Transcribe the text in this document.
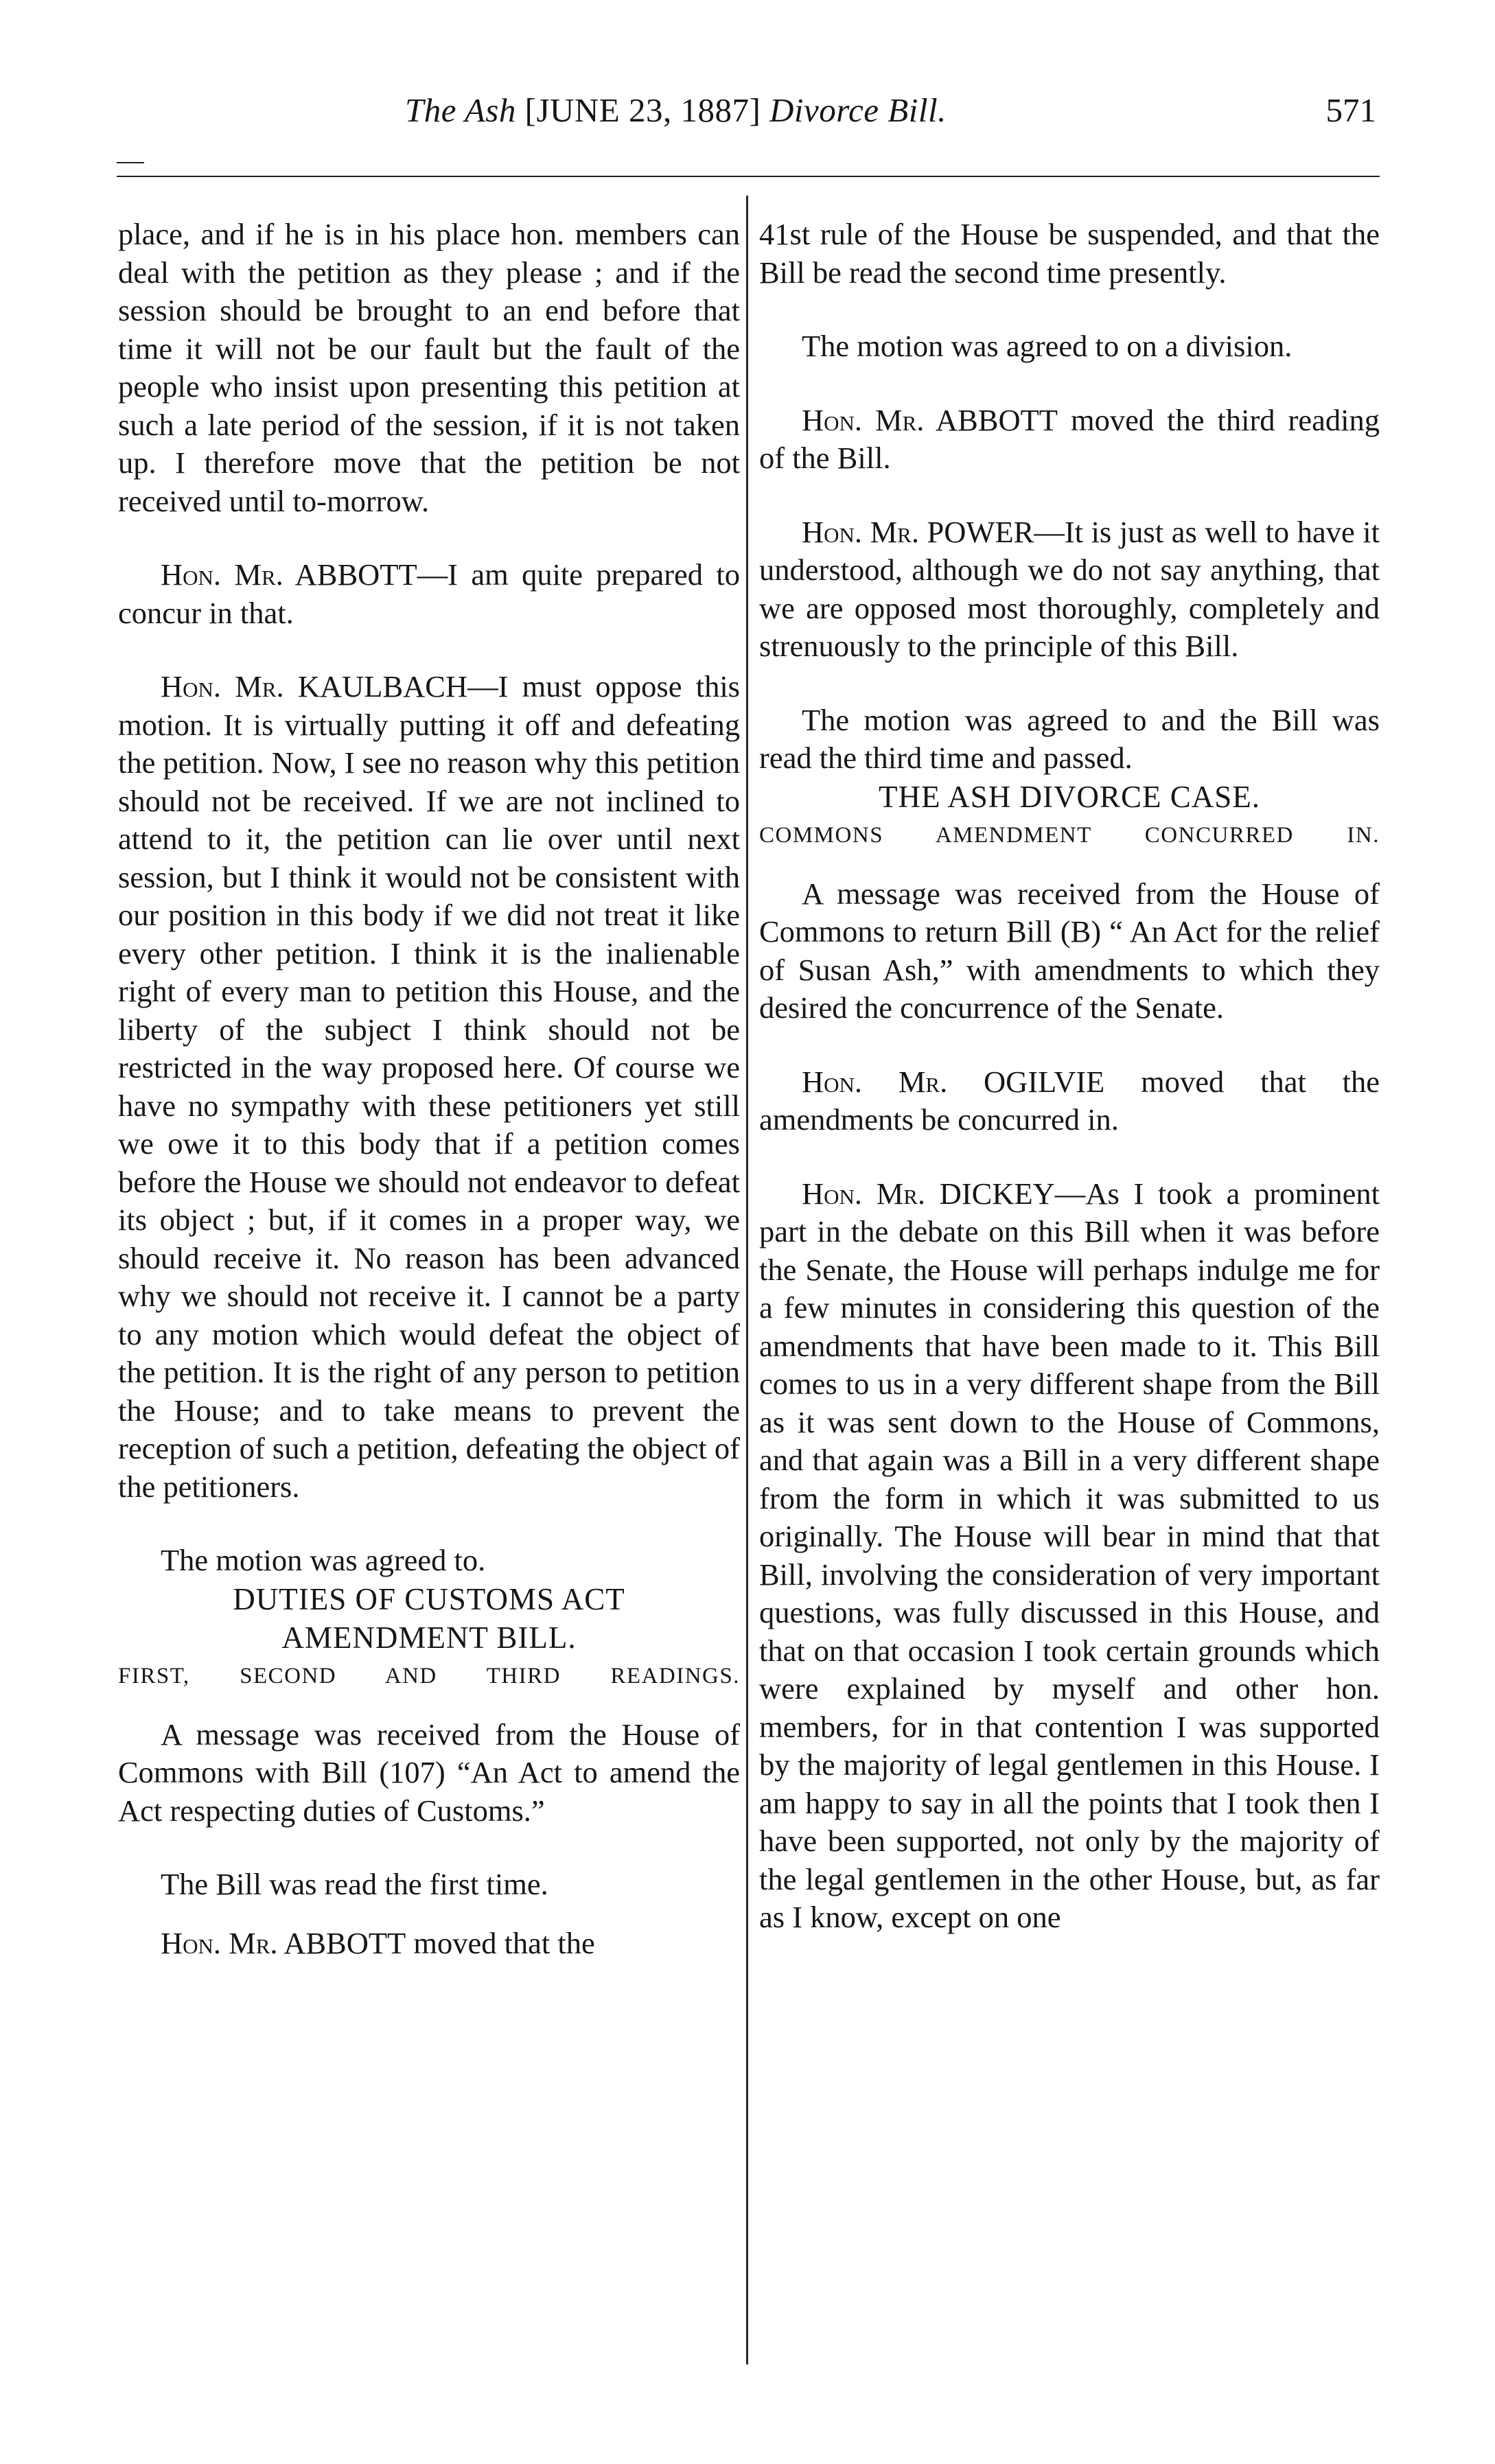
The Ash [JUNE 23, 1887] Divorce Bill.	571

place, and if he is in his place hon. members can deal with the petition as they please ; and if the session should be brought to an end before that time it will not be our fault but the fault of the people who insist upon presenting this petition at such a late period of the session, if it is not taken up. I therefore move that the petition be not received until to-morrow.

Hon. Mr. ABBOTT—I am quite prepared to concur in that.

Hon. Mr. KAULBACH—I must oppose this motion. It is virtually putting it off and defeating the petition. Now, I see no reason why this petition should not be received. If we are not inclined to attend to it, the petition can lie over until next session, but I think it would not be consistent with our position in this body if we did not treat it like every other petition. I think it is the inalienable right of every man to petition this House, and the liberty of the subject I think should not be restricted in the way proposed here. Of course we have no sympathy with these petitioners yet still we owe it to this body that if a petition comes before the House we should not endeavor to defeat its object ; but, if it comes in a proper way, we should receive it. No reason has been advanced why we should not receive it. I cannot be a party to any motion which would defeat the object of the petition. It is the right of any person to petition the House; and to take means to prevent the reception of such a petition, defeating the object of the petitioners.

The motion was agreed to.

DUTIES OF CUSTOMS ACT
AMENDMENT BILL.

FIRST, SECOND AND THIRD READINGS.

A message was received from the House of Commons with Bill (107) “An Act to amend the Act respecting duties of Customs.”

The Bill was read the first time.

Hon. Mr. ABBOTT moved that the

41st rule of the House be suspended, and that the Bill be read the second time presently.

The motion was agreed to on a division.

Hon. Mr. ABBOTT moved the third reading of the Bill.

Hon. Mr. POWER—It is just as well to have it understood, although we do not say anything, that we are opposed most thoroughly, completely and strenuously to the principle of this Bill.

The motion was agreed to and the Bill was read the third time and passed.

THE ASH DIVORCE CASE.

COMMONS AMENDMENT CONCURRED IN.

A message was received from the House of Commons to return Bill (B) “ An Act for the relief of Susan Ash,” with amendments to which they desired the concurrence of the Senate.

Hon. Mr. OGILVIE moved that the amendments be concurred in.

Hon. Mr. DICKEY—As I took a prominent part in the debate on this Bill when it was before the Senate, the House will perhaps indulge me for a few minutes in considering this question of the amendments that have been made to it. This Bill comes to us in a very different shape from the Bill as it was sent down to the House of Commons, and that again was a Bill in a very different shape from the form in which it was submitted to us originally. The House will bear in mind that that Bill, involving the consideration of very important questions, was fully discussed in this House, and that on that occasion I took certain grounds which were explained by myself and other hon. members, for in that contention I was supported by the majority of legal gentlemen in this House. I am happy to say in all the points that I took then I have been supported, not only by the majority of the legal gentlemen in the other House, but, as far as I know, except on one
